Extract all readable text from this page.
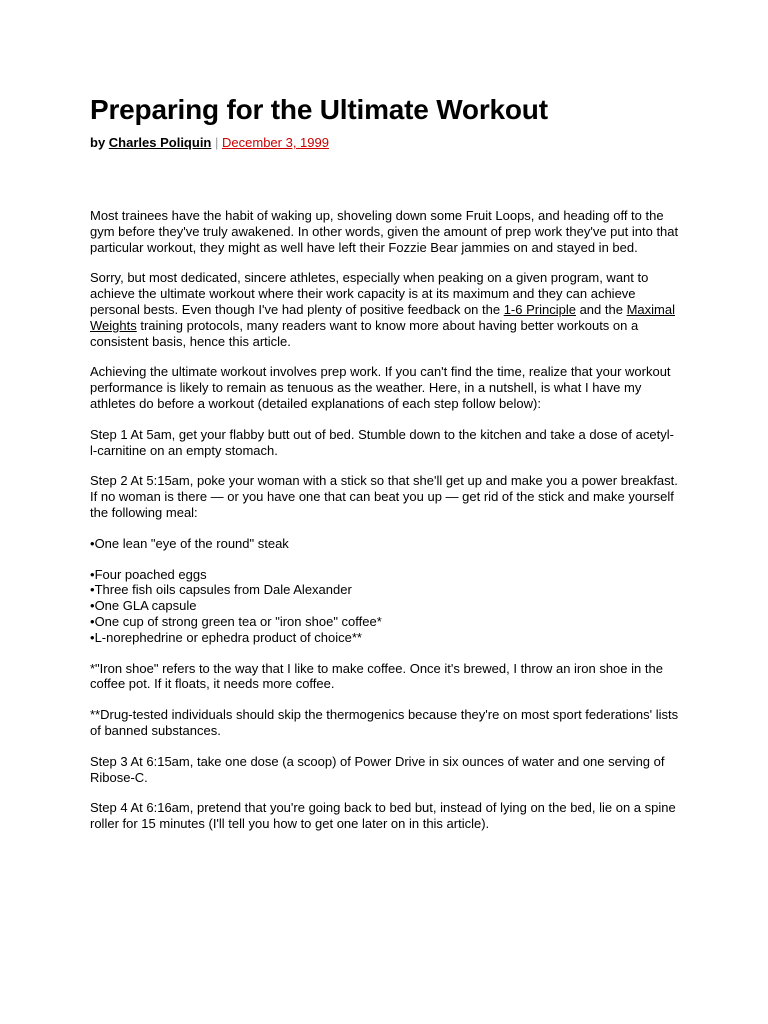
Preparing for the Ultimate Workout
by Charles Poliquin | December 3, 1999

Most trainees have the habit of waking up, shoveling down some Fruit Loops, and heading off to the gym before they've truly awakened. In other words, given the amount of prep work they've put into that particular workout, they might as well have left their Fozzie Bear jammies on and stayed in bed.

Sorry, but most dedicated, sincere athletes, especially when peaking on a given program, want to achieve the ultimate workout where their work capacity is at its maximum and they can achieve personal bests. Even though I've had plenty of positive feedback on the 1-6 Principle and the Maximal Weights training protocols, many readers want to know more about having better workouts on a consistent basis, hence this article.

Achieving the ultimate workout involves prep work. If you can't find the time, realize that your workout performance is likely to remain as tenuous as the weather. Here, in a nutshell, is what I have my athletes do before a workout (detailed explanations of each step follow below):

Step 1 At 5am, get your flabby butt out of bed. Stumble down to the kitchen and take a dose of acetyl-l-carnitine on an empty stomach.

Step 2 At 5:15am, poke your woman with a stick so that she'll get up and make you a power breakfast. If no woman is there — or you have one that can beat you up — get rid of the stick and make yourself the following meal:

• One lean "eye of the round" steak
• Four poached eggs
• Three fish oils capsules from Dale Alexander
• One GLA capsule
• One cup of strong green tea or "iron shoe" coffee*
• L-norephedrine or ephedra product of choice**

*"Iron shoe" refers to the way that I like to make coffee. Once it's brewed, I throw an iron shoe in the coffee pot. If it floats, it needs more coffee.

**Drug-tested individuals should skip the thermogenics because they're on most sport federations' lists of banned substances.

Step 3 At 6:15am, take one dose (a scoop) of Power Drive in six ounces of water and one serving of Ribose-C.

Step 4 At 6:16am, pretend that you're going back to bed but, instead of lying on the bed, lie on a spine roller for 15 minutes (I'll tell you how to get one later on in this article).
